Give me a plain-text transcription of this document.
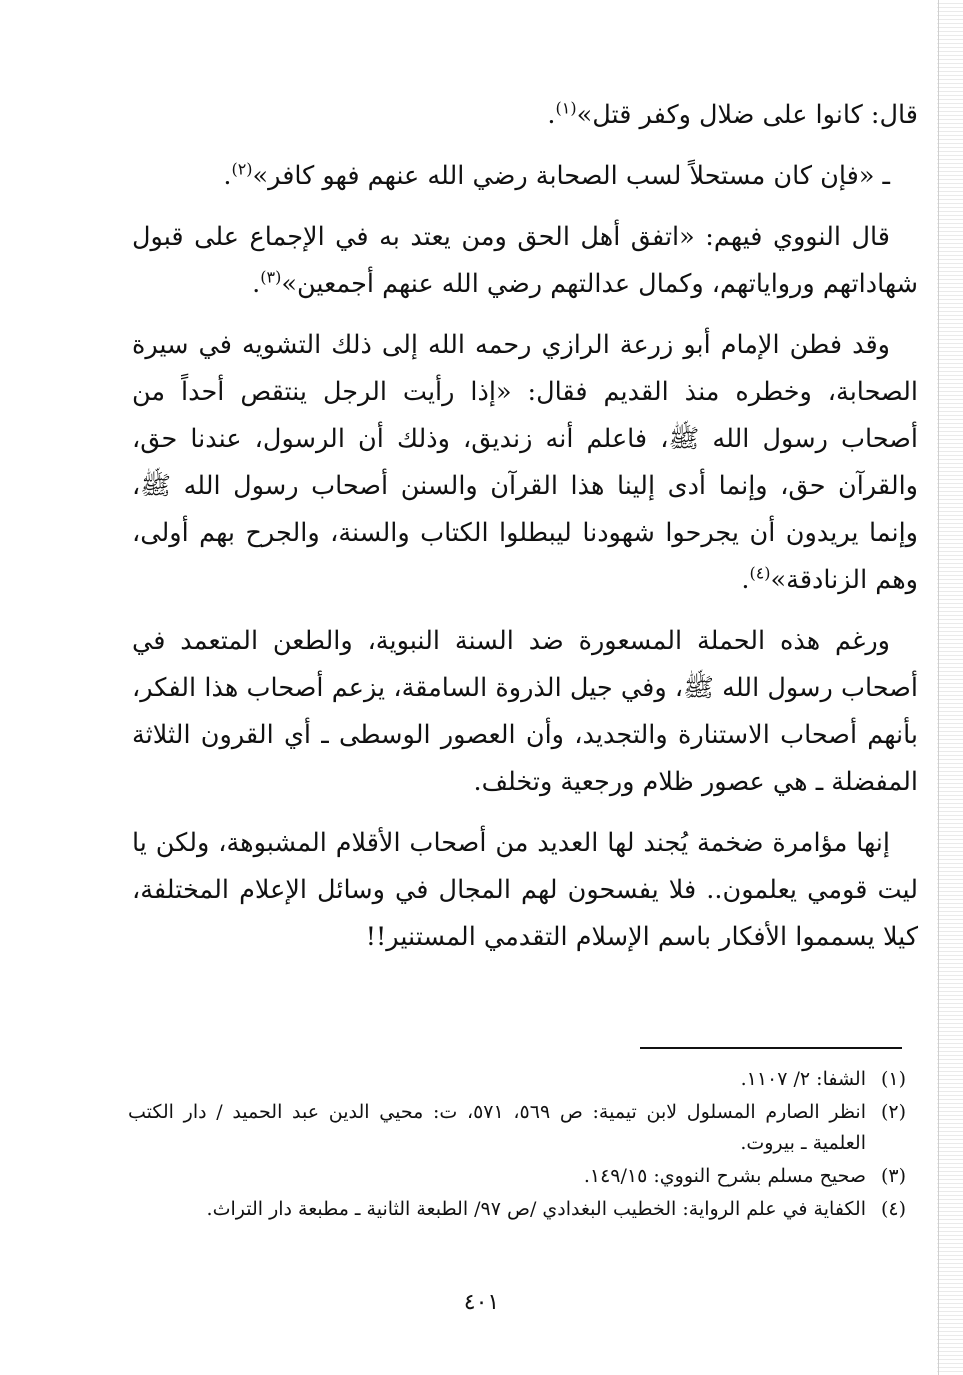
قال: كانوا على ضلال وكفر قتل»$^{(١)}$.

ـ «فإن كان مستحلاً لسب الصحابة رضي الله عنهم فهو كافر»$^{(٢)}$.

قال النووي فيهم: «اتفق أهل الحق ومن يعتد به في الإجماع على قبول شهاداتهم ورواياتهم، وكمال عدالتهم رضي الله عنهم أجمعين»$^{(٣)}$.

وقد فطن الإمام أبو زرعة الرازي رحمه الله إلى ذلك التشويه في سيرة الصحابة، وخطره منذ القديم فقال: «إذا رأيت الرجل ينتقص أحداً من أصحاب رسول الله ﷺ، فاعلم أنه زنديق، وذلك أن الرسول، عندنا حق، والقرآن حق، وإنما أدى إلينا هذا القرآن والسنن أصحاب رسول الله ﷺ، وإنما يريدون أن يجرحوا شهودنا ليبطلوا الكتاب والسنة، والجرح بهم أولى، وهم الزنادقة»$^{(٤)}$.

ورغم هذه الحملة المسعورة ضد السنة النبوية، والطعن المتعمد في أصحاب رسول الله ﷺ، وفي جيل الذروة السامقة، يزعم أصحاب هذا الفكر، بأنهم أصحاب الاستنارة والتجديد، وأن العصور الوسطى ـ أي القرون الثلاثة المفضلة ـ هي عصور ظلام ورجعية وتخلف.

إنها مؤامرة ضخمة يُجند لها العديد من أصحاب الأقلام المشبوهة، ولكن يا ليت قومي يعلمون.. فلا يفسحون لهم المجال في وسائل الإعلام المختلفة، كيلا يسمموا الأفكار باسم الإسلام التقدمي المستنير!!

(١)
الشفا: ٢/ ١١٠٧.
(٢)
انظر الصارم المسلول لابن تيمية: ص ٥٦٩، ٥٧١، ت: محيي الدين عبد الحميد / دار الكتب العلمية ـ بيروت.
(٣)
صحيح مسلم بشرح النووي: ١٤٩/١٥.
(٤)
الكفاية في علم الرواية: الخطيب البغدادي /ص ٩٧/ الطبعة الثانية ـ مطبعة دار التراث.
٤٠١
